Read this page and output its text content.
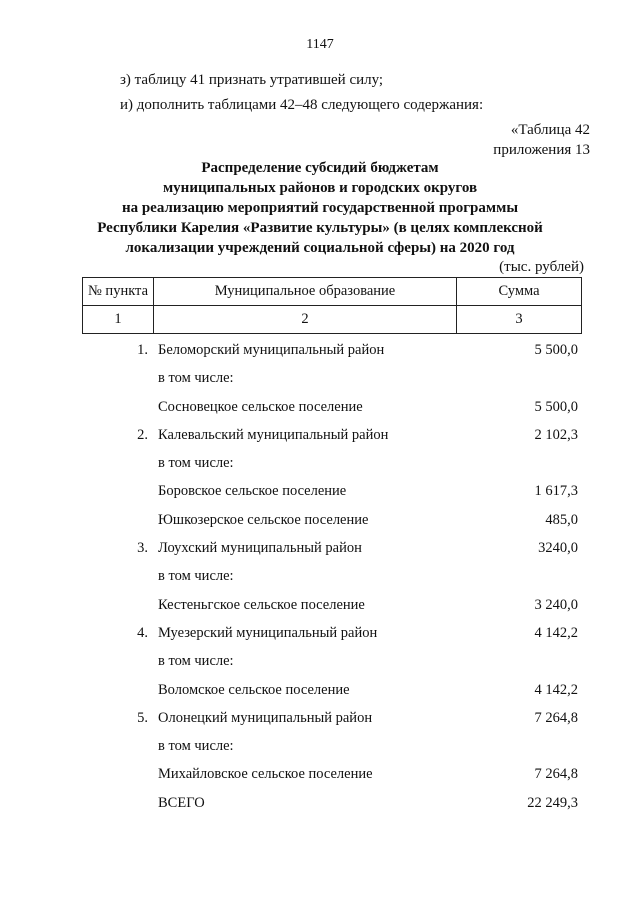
1147
з) таблицу 41 признать утратившей силу;
и) дополнить таблицами 42–48 следующего содержания:
«Таблица 42
приложения 13
Распределение субсидий бюджетам
муниципальных районов и городских округов
на реализацию мероприятий государственной программы
Республики Карелия «Развитие культуры» (в целях комплексной
локализации учреждений социальной сферы) на 2020 год
(тыс. рублей)
№ пункта	Муниципальное образование	Сумма
1	2	3
1. Беломорский муниципальный район	5 500,0
в том числе:
Сосновецкое сельское поселение	5 500,0
2. Калевальский муниципальный район	2 102,3
в том числе:
Боровское сельское поселение	1 617,3
Юшкозерское сельское поселение	485,0
3. Лоухский муниципальный район	3240,0
в том числе:
Кестеньгское сельское поселение	3 240,0
4. Муезерский муниципальный район	4 142,2
в том числе:
Воломское сельское поселение	4 142,2
5. Олонецкий муниципальный район	7 264,8
в том числе:
Михайловское сельское поселение	7 264,8
ВСЕГО	22 249,3
